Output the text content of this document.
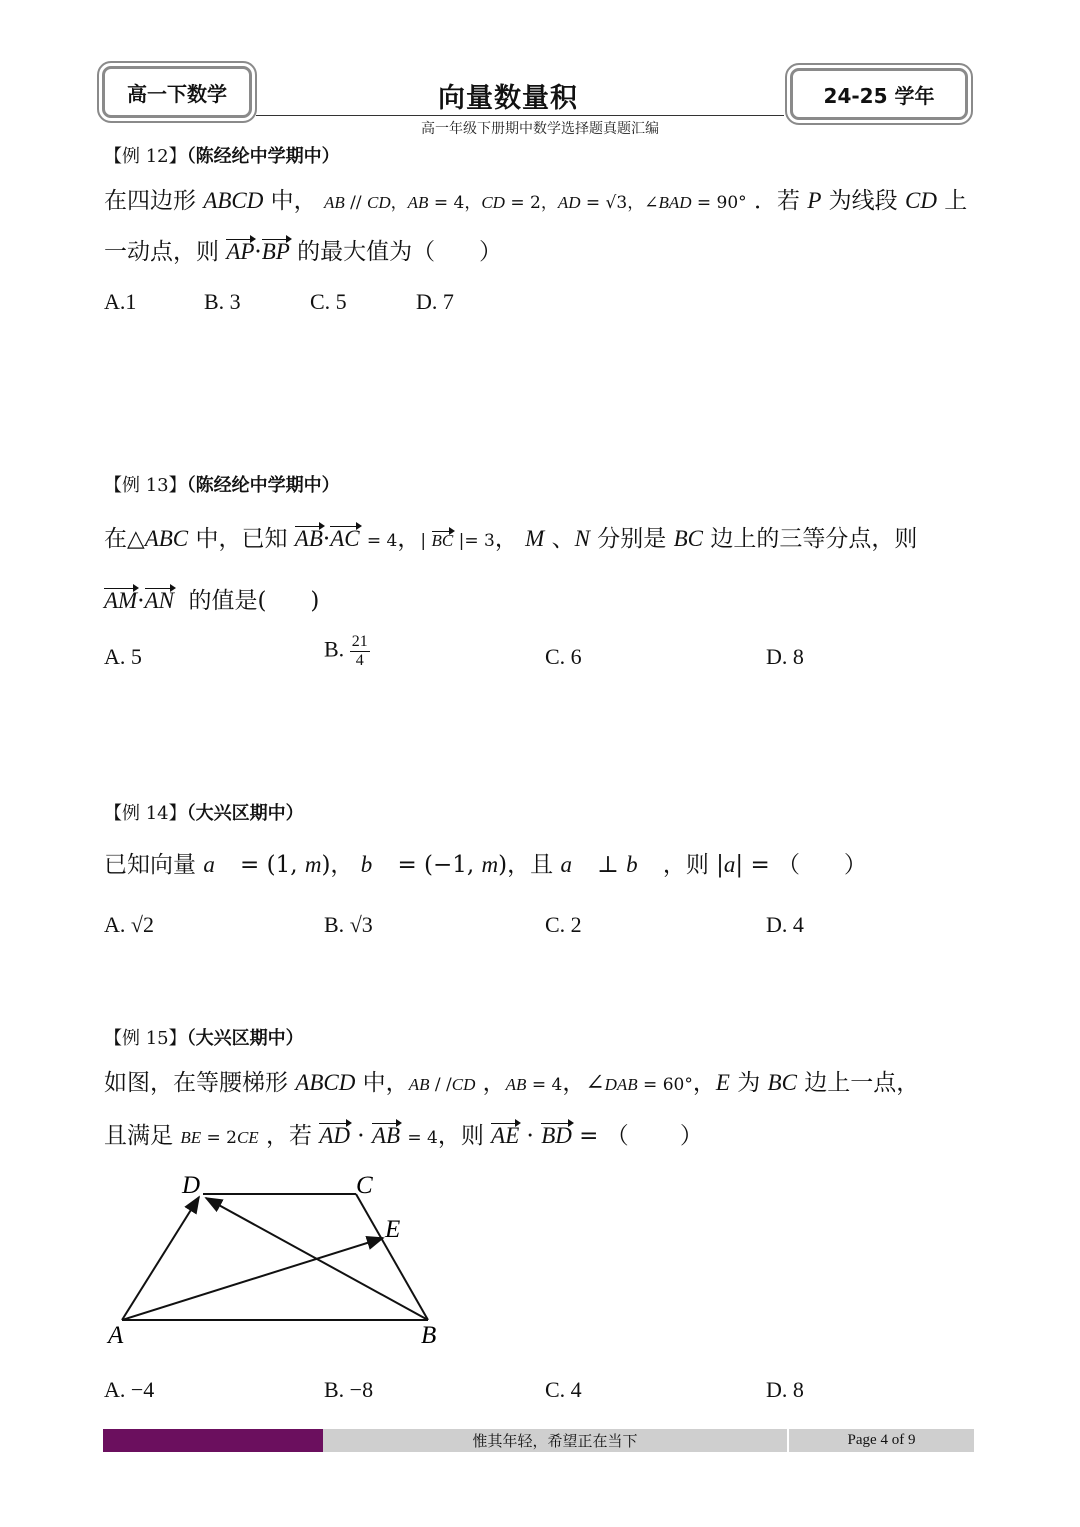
高一下数学	向量数量积	24-25 学年
高一年级下册期中数学选择题真题汇编
【例 12】（陈经纶中学期中）
在四边形 ABCD 中， AB // CD，AB = 4，CD = 2，AD = √3，∠BAD = 90° ．若 P 为线段 CD 上
一动点，则 AP·BP 的最大值为（      ）
A.1	B. 3	C. 5	D. 7
【例 13】（陈经纶中学期中）
在△ABC 中，已知 AB·AC = 4，| BC |= 3， M 、N 分别是 BC 边上的三等分点，则
AM·AN  的值是(      )
A. 5	B. $\frac{21}{4}$	C. 6	D. 8
【例 14】（大兴区期中）
已知向量 a⃗ = (1, m)， b⃗ = (−1, m)，且 a⃗ ⊥ b⃗ ，则 |a| = （      ）
A. √2	B. √3	C. 2	D. 4
【例 15】（大兴区期中）
如图，在等腰梯形 ABCD 中，AB / /CD ，AB = 4，∠DAB = 60°，E 为 BC 边上一点，
且满足 BE = 2CE ，若 AD · AB = 4，则 AE · BD = （       ）
D	C
E
A	B
A. −4	B. −8	C. 4	D. 8
惟其年轻，希望正在当下	Page 4 of 9
